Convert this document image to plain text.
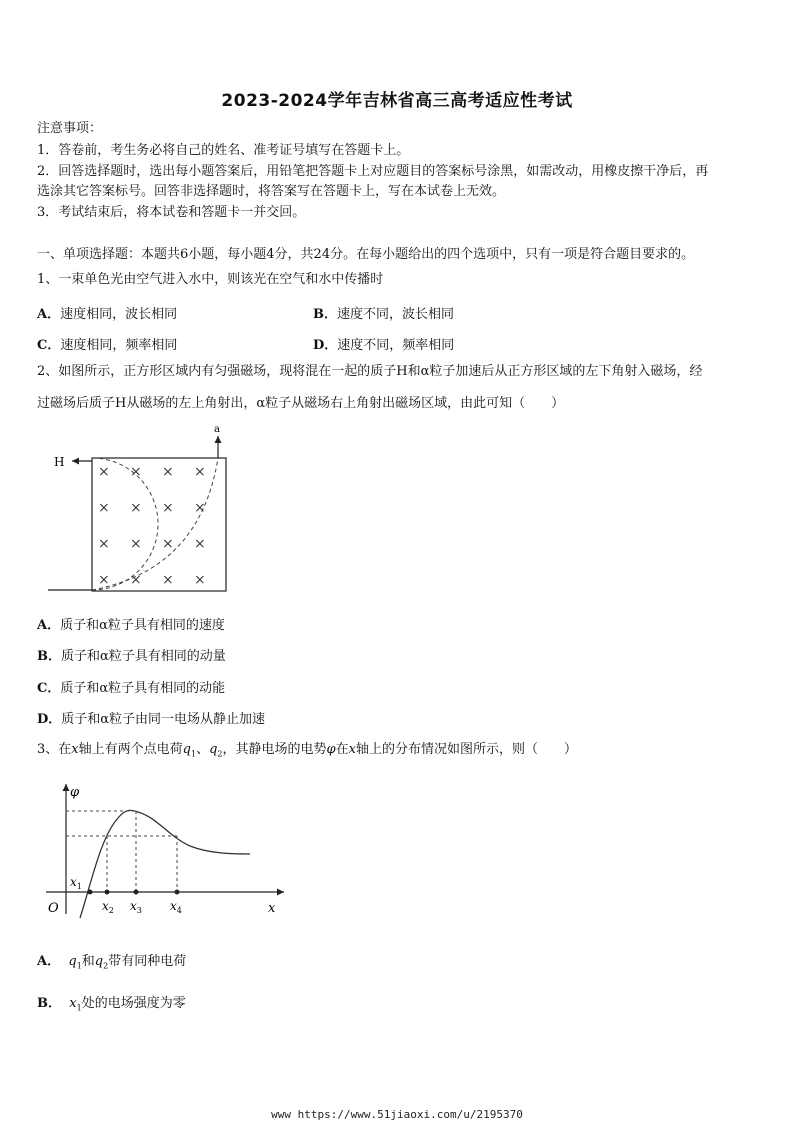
2023-2024学年吉林省高三高考适应性考试
注意事项：
1．答卷前，考生务必将自己的姓名、准考证号填写在答题卡上。
2．回答选择题时，选出每小题答案后，用铅笔把答题卡上对应题目的答案标号涂黑，如需改动，用橡皮擦干净后，再
选涂其它答案标号。回答非选择题时，将答案写在答题卡上，写在本试卷上无效。
3．考试结束后，将本试卷和答题卡一并交回。
一、单项选择题：本题共6小题，每小题4分，共24分。在每小题给出的四个选项中，只有一项是符合题目要求的。
1、一束单色光由空气进入水中，则该光在空气和水中传播时
A．速度相同，波长相同	B．速度不同，波长相同
C．速度相同，频率相同	D．速度不同，频率相同
2、如图所示，正方形区域内有匀强磁场，现将混在一起的质子H和α粒子加速后从正方形区域的左下角射入磁场，经
过磁场后质子H从磁场的左上角射出，α粒子从磁场右上角射出磁场区域，由此可知（　　）
H
a
× × × ×
× × × ×
× × × ×
× × × ×
A．质子和α粒子具有相同的速度
B．质子和α粒子具有相同的动量
C．质子和α粒子具有相同的动能
D．质子和α粒子由同一电场从静止加速
3、在x轴上有两个点电荷$q_1$、$q_2$，其静电场的电势φ在x轴上的分布情况如图所示，则（　　）
φ
x
O
$x_1$
$x_2$ $x_3$ $x_4$
A． $q_1$和$q_2$带有同种电荷
B． $x_1$处的电场强度为零
www https://www.51jiaoxi.com/u/2195370
